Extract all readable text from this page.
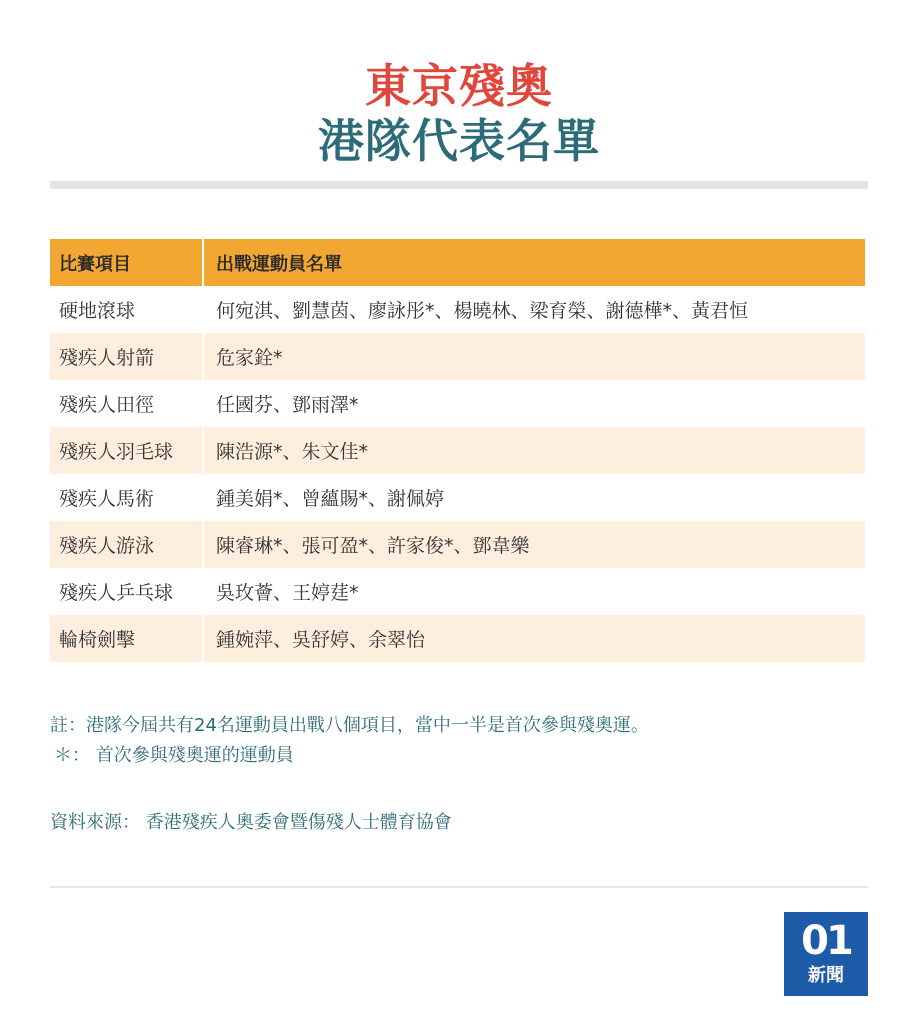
東京殘奧
港隊代表名單
比賽項目	出戰運動員名單
硬地滾球	何宛淇、劉慧茵、廖詠彤*、楊曉林、梁育榮、謝德樺*、黃君恒
殘疾人射箭	危家銓*
殘疾人田徑	任國芬、鄧雨澤*
殘疾人羽毛球	陳浩源*、朱文佳*
殘疾人馬術	鍾美娟*、曾蘊賜*、謝佩婷
殘疾人游泳	陳睿琳*、張可盈*、許家俊*、鄧韋樂
殘疾人乒乓球	吳玫薈、王婷莛*
輪椅劍擊	鍾婉萍、吳舒婷、余翠怡
註：港隊今屆共有24名運動員出戰八個項目，當中一半是首次參與殘奧運。
＊： 首次參與殘奧運的運動員
資料來源： 香港殘疾人奧委會暨傷殘人士體育協會
01
新聞
